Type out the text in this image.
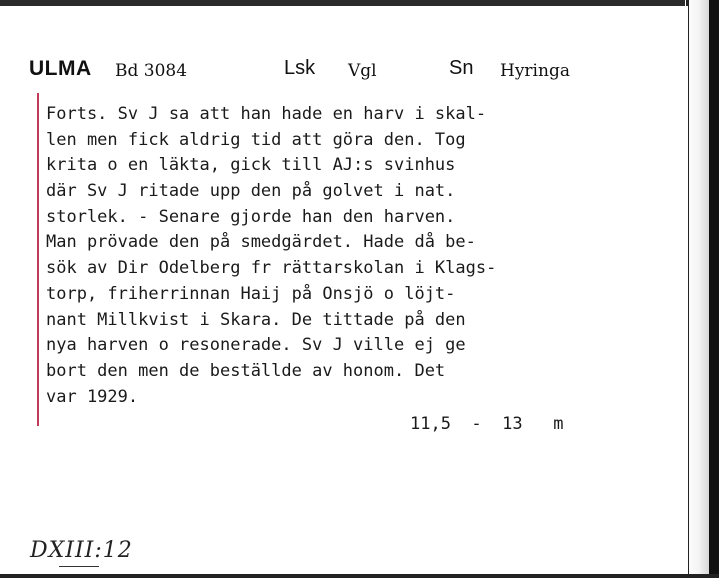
ULMA Bd 3084	Lsk Vgl	Sn Hyringa
Forts. Sv J sa att han hade en harv i skal-
len men fick aldrig tid att göra den. Tog
krita o en läkta, gick till AJ:s svinhus
där Sv J ritade upp den på golvet i nat.
storlek. - Senare gjorde han den harven.
Man prövade den på smedgärdet. Hade då be-
sök av Dir Odelberg fr rättarskolan i Klags-
torp, friherrinnan Haij på Onsjö o löjt-
nant Millkvist i Skara. De tittade på den
nya harven o resonerade. Sv J ville ej ge
bort den men de beställde av honom. Det
var 1929.
11,5  -  13   m
DXIII:12
